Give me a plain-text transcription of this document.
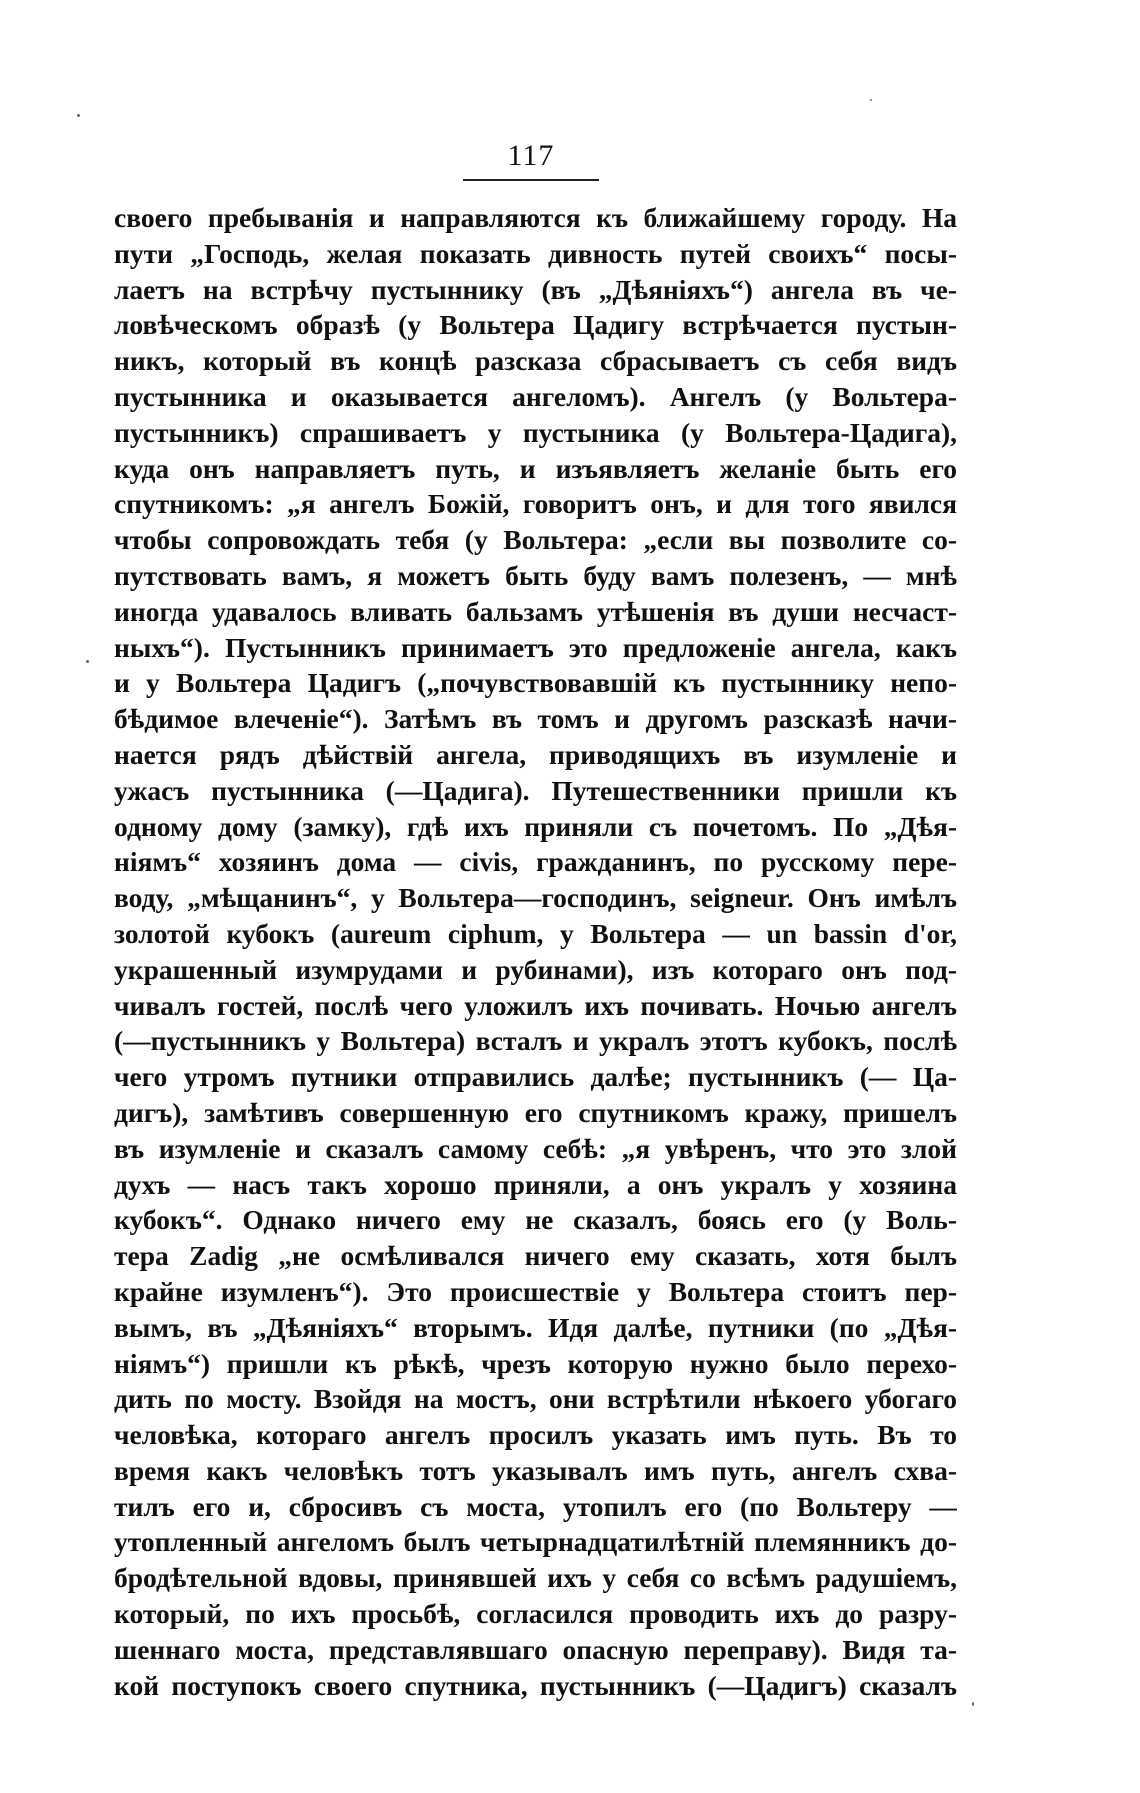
117
своего пребыванія и направляются къ ближайшему городу. На
пути „Господь, желая показать дивность путей своихъ“ посы-
лаетъ на встрѣчу пустыннику (въ „Дѣяніяхъ“) ангела въ че-
ловѣческомъ образѣ (у Вольтера Цадигу встрѣчается пустын-
никъ, который въ концѣ разсказа сбрасываетъ съ себя видъ
пустынника и оказывается ангеломъ). Ангелъ (у Вольтера-
пустынникъ) спрашиваетъ у пустыника (у Вольтера-Цадига),
куда онъ направляетъ путь, и изъявляетъ желаніе быть его
спутникомъ: „я ангелъ Божій, говоритъ онъ, и для того явился
чтобы сопровождать тебя (у Вольтера: „если вы позволите со-
путствовать вамъ, я можетъ быть буду вамъ полезенъ, — мнѣ
иногда удавалось вливать бальзамъ утѣшенія въ души несчаст-
ныхъ“). Пустынникъ принимаетъ это предложеніе ангела, какъ
и у Вольтера Цадигъ („почувствовавшій къ пустыннику непо-
бѣдимое влеченіе“). Затѣмъ въ томъ и другомъ разсказѣ начи-
нается рядъ дѣйствій ангела, приводящихъ въ изумленіе и
ужасъ пустынника (—Цадига). Путешественники пришли къ
одному дому (замку), гдѣ ихъ приняли съ почетомъ. По „Дѣя-
ніямъ“ хозяинъ дома — civis, гражданинъ, по русскому пере-
воду, „мѣщанинъ“, у Вольтера—господинъ, seigneur. Онъ имѣлъ
золотой кубокъ (aureum ciphum, у Вольтера — un bassin d'or,
украшенный изумрудами и рубинами), изъ котораго онъ под-
чивалъ гостей, послѣ чего уложилъ ихъ почивать. Ночью ангелъ
(—пустынникъ у Вольтера) всталъ и укралъ этотъ кубокъ, послѣ
чего утромъ путники отправились далѣе; пустынникъ (— Ца-
дигъ), замѣтивъ совершенную его спутникомъ кражу, пришелъ
въ изумленіе и сказалъ самому себѣ: „я увѣренъ, что это злой
духъ — насъ такъ хорошо приняли, а онъ укралъ у хозяина
кубокъ“. Однако ничего ему не сказалъ, боясь его (у Воль-
тера Zadig „не осмѣливался ничего ему сказать, хотя былъ
крайне изумленъ“). Это происшествіе у Вольтера стоитъ пер-
вымъ, въ „Дѣяніяхъ“ вторымъ. Идя далѣе, путники (по „Дѣя-
ніямъ“) пришли къ рѣкѣ, чрезъ которую нужно было перехо-
дить по мосту. Взойдя на мостъ, они встрѣтили нѣкоего убогаго
человѣка, котораго ангелъ просилъ указать имъ путь. Въ то
время какъ человѣкъ тотъ указывалъ имъ путь, ангелъ схва-
тилъ его и, сбросивъ съ моста, утопилъ его (по Вольтеру —
утопленный ангеломъ былъ четырнадцатилѣтній племянникъ до-
бродѣтельной вдовы, принявшей ихъ у себя со всѣмъ радушіемъ,
который, по ихъ просьбѣ, согласился проводить ихъ до разру-
шеннаго моста, представлявшаго опасную переправу). Видя та-
кой поступокъ своего спутника, пустынникъ (—Цадигъ) сказалъ
